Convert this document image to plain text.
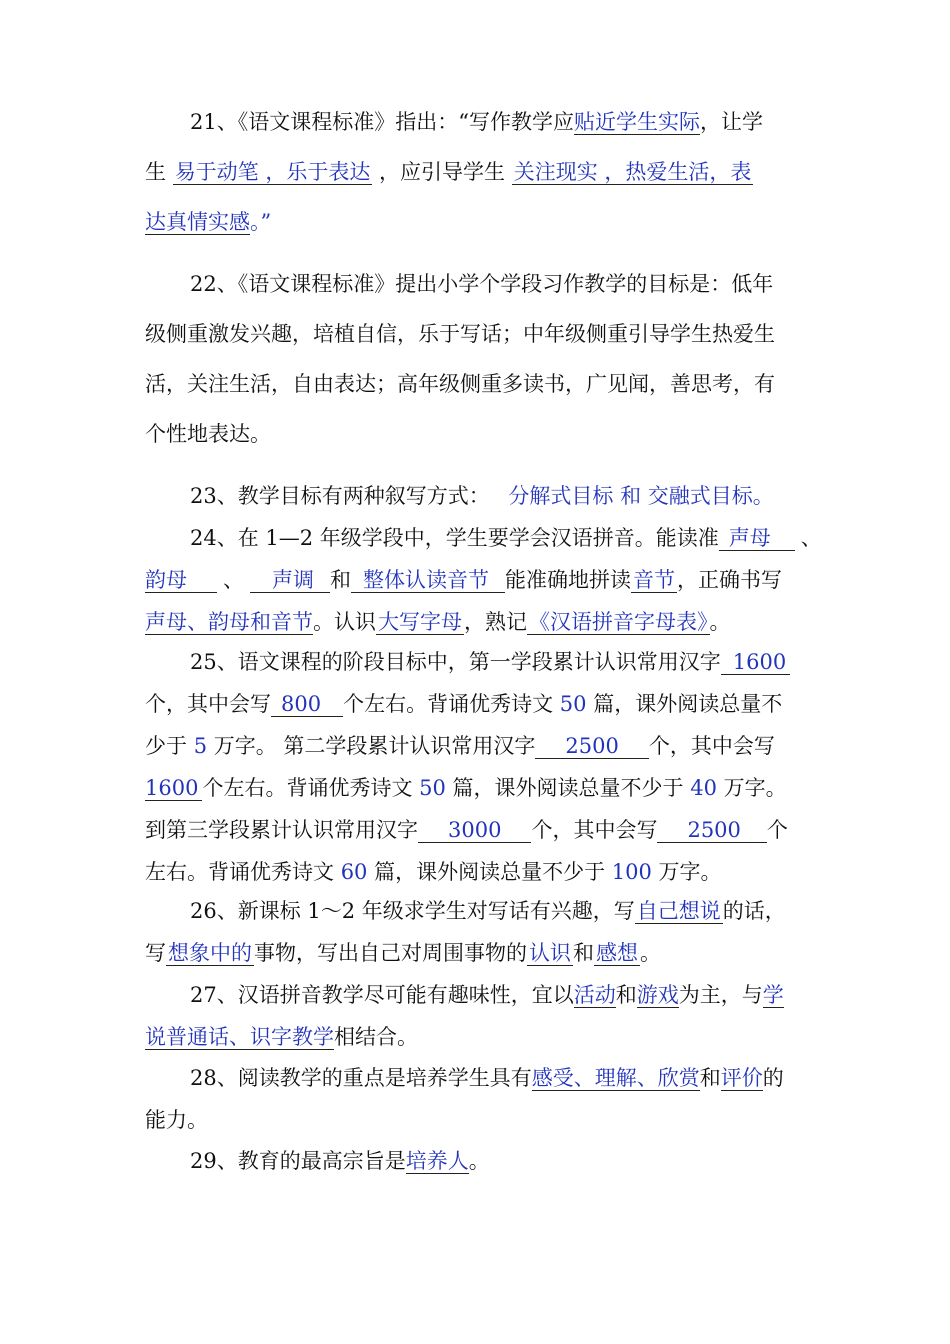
21、《语文课程标准》指出：“写作教学应贴近学生实际，让学
生 易于动笔 ，乐于表达 ，应引导学生 关注现实 ，热爱生活，表
达真情实感。”
22、《语文课程标准》提出小学个学段习作教学的目标是：低年
级侧重激发兴趣，培植自信，乐于写话；中年级侧重引导学生热爱生
活，关注生活，自由表达；高年级侧重多读书，广见闻，善思考，有
个性地表达。
23、教学目标有两种叙写方式： 分解式目标 和 交融式目标。
24、在 1—2 年级学段中，学生要学会汉语拼音。能读准 声母 、
韵母 、 声调 和 整体认读音节 能准确地拼读音节，正确书写
声母、韵母和音节。认识大写字母，熟记《汉语拼音字母表》。
25、语文课程的阶段目标中，第一学段累计认识常用汉字 1600
个，其中会写 800 个左右。背诵优秀诗文 50 篇，课外阅读总量不
少于 5 万字。 第二学段累计认识常用汉字 2500 个，其中会写
1600 个左右。背诵优秀诗文 50 篇，课外阅读总量不少于 40 万字。
到第三学段累计认识常用汉字 3000 个，其中会写 2500 个
左右。背诵优秀诗文 60 篇，课外阅读总量不少于 100 万字。
26、新课标 1～2 年级求学生对写话有兴趣，写自己想说的话，
写想象中的事物，写出自己对周围事物的认识和感想。
27、汉语拼音教学尽可能有趣味性，宜以活动和游戏为主，与学
说普通话、识字教学相结合。
28、阅读教学的重点是培养学生具有感受、理解、欣赏和评价的
能力。
29、教育的最高宗旨是培养人。
